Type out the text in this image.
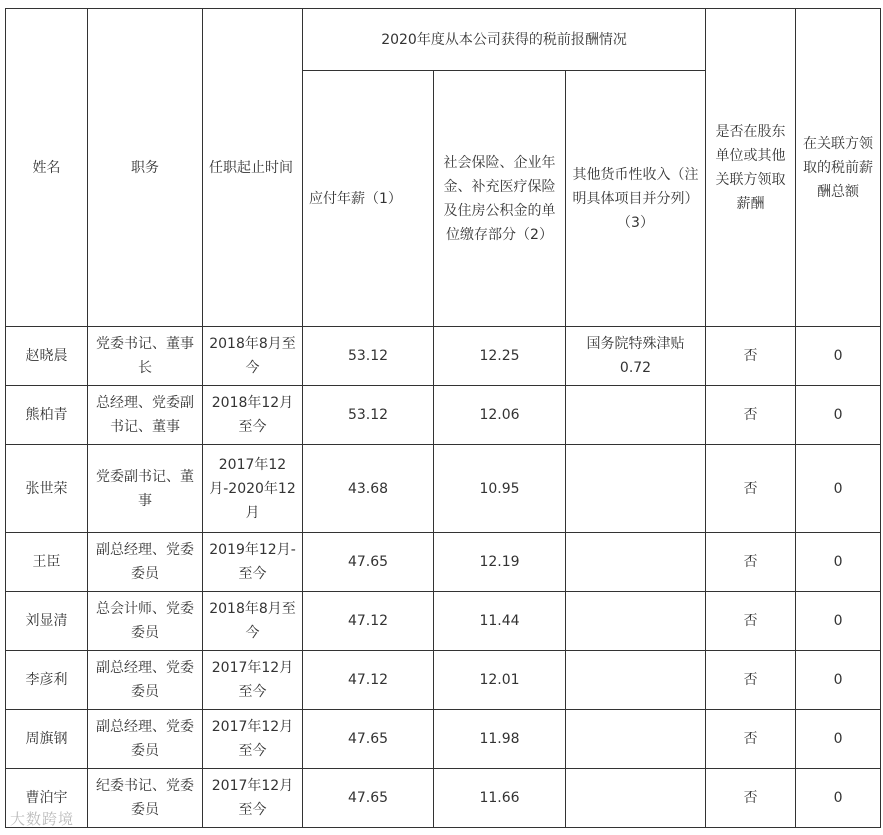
姓名	职务	任职起止时间	2020年度从本公司获得的税前报酬情况			是否在股东单位或其他关联方领取薪酬	在关联方领取的税前薪酬总额
			应付年薪（1）	社会保险、企业年金、补充医疗保险及住房公积金的单位缴存部分（2）	其他货币性收入（注明具体项目并分列）（3）		
赵晓晨	党委书记、董事长	2018年8月至今	53.12	12.25	国务院特殊津贴0.72	否	0
熊柏青	总经理、党委副书记、董事	2018年12月至今	53.12	12.06		否	0
张世荣	党委副书记、董事	2017年12月-2020年12月	43.68	10.95		否	0
王臣	副总经理、党委委员	2019年12月-至今	47.65	12.19		否	0
刘显清	总会计师、党委委员	2018年8月至今	47.12	11.44		否	0
李彦利	副总经理、党委委员	2017年12月至今	47.12	12.01		否	0
周旗钢	副总经理、党委委员	2017年12月至今	47.65	11.98		否	0
曹泊宇	纪委书记、党委委员	2017年12月至今	47.65	11.66		否	0
大数跨境
